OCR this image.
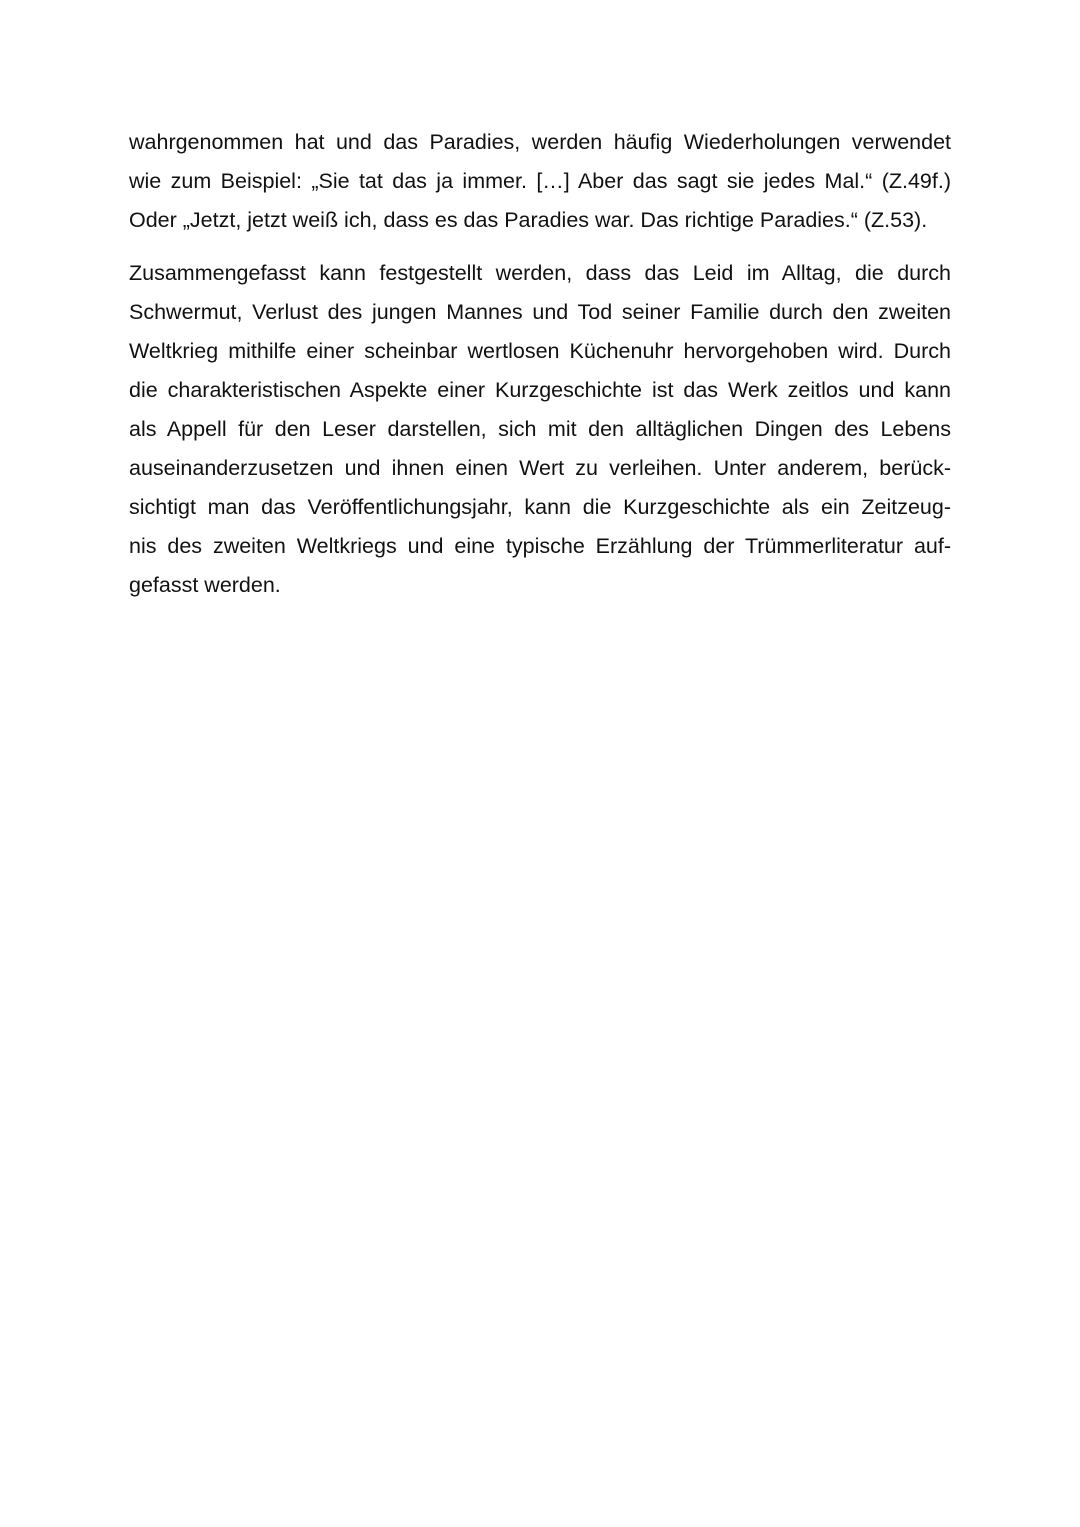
wahrgenommen hat und das Paradies, werden häufig Wiederholungen verwendet
wie zum Beispiel: „Sie tat das ja immer. […] Aber das sagt sie jedes Mal.“ (Z.49f.)
Oder „Jetzt, jetzt weiß ich, dass es das Paradies war. Das richtige Paradies.“ (Z.53).

Zusammengefasst kann festgestellt werden, dass das Leid im Alltag, die durch
Schwermut, Verlust des jungen Mannes und Tod seiner Familie durch den zweiten
Weltkrieg mithilfe einer scheinbar wertlosen Küchenuhr hervorgehoben wird. Durch
die charakteristischen Aspekte einer Kurzgeschichte ist das Werk zeitlos und kann
als Appell für den Leser darstellen, sich mit den alltäglichen Dingen des Lebens
auseinanderzusetzen und ihnen einen Wert zu verleihen. Unter anderem, berück-
sichtigt man das Veröffentlichungsjahr, kann die Kurzgeschichte als ein Zeitzeug-
nis des zweiten Weltkriegs und eine typische Erzählung der Trümmerliteratur auf-
gefasst werden.
